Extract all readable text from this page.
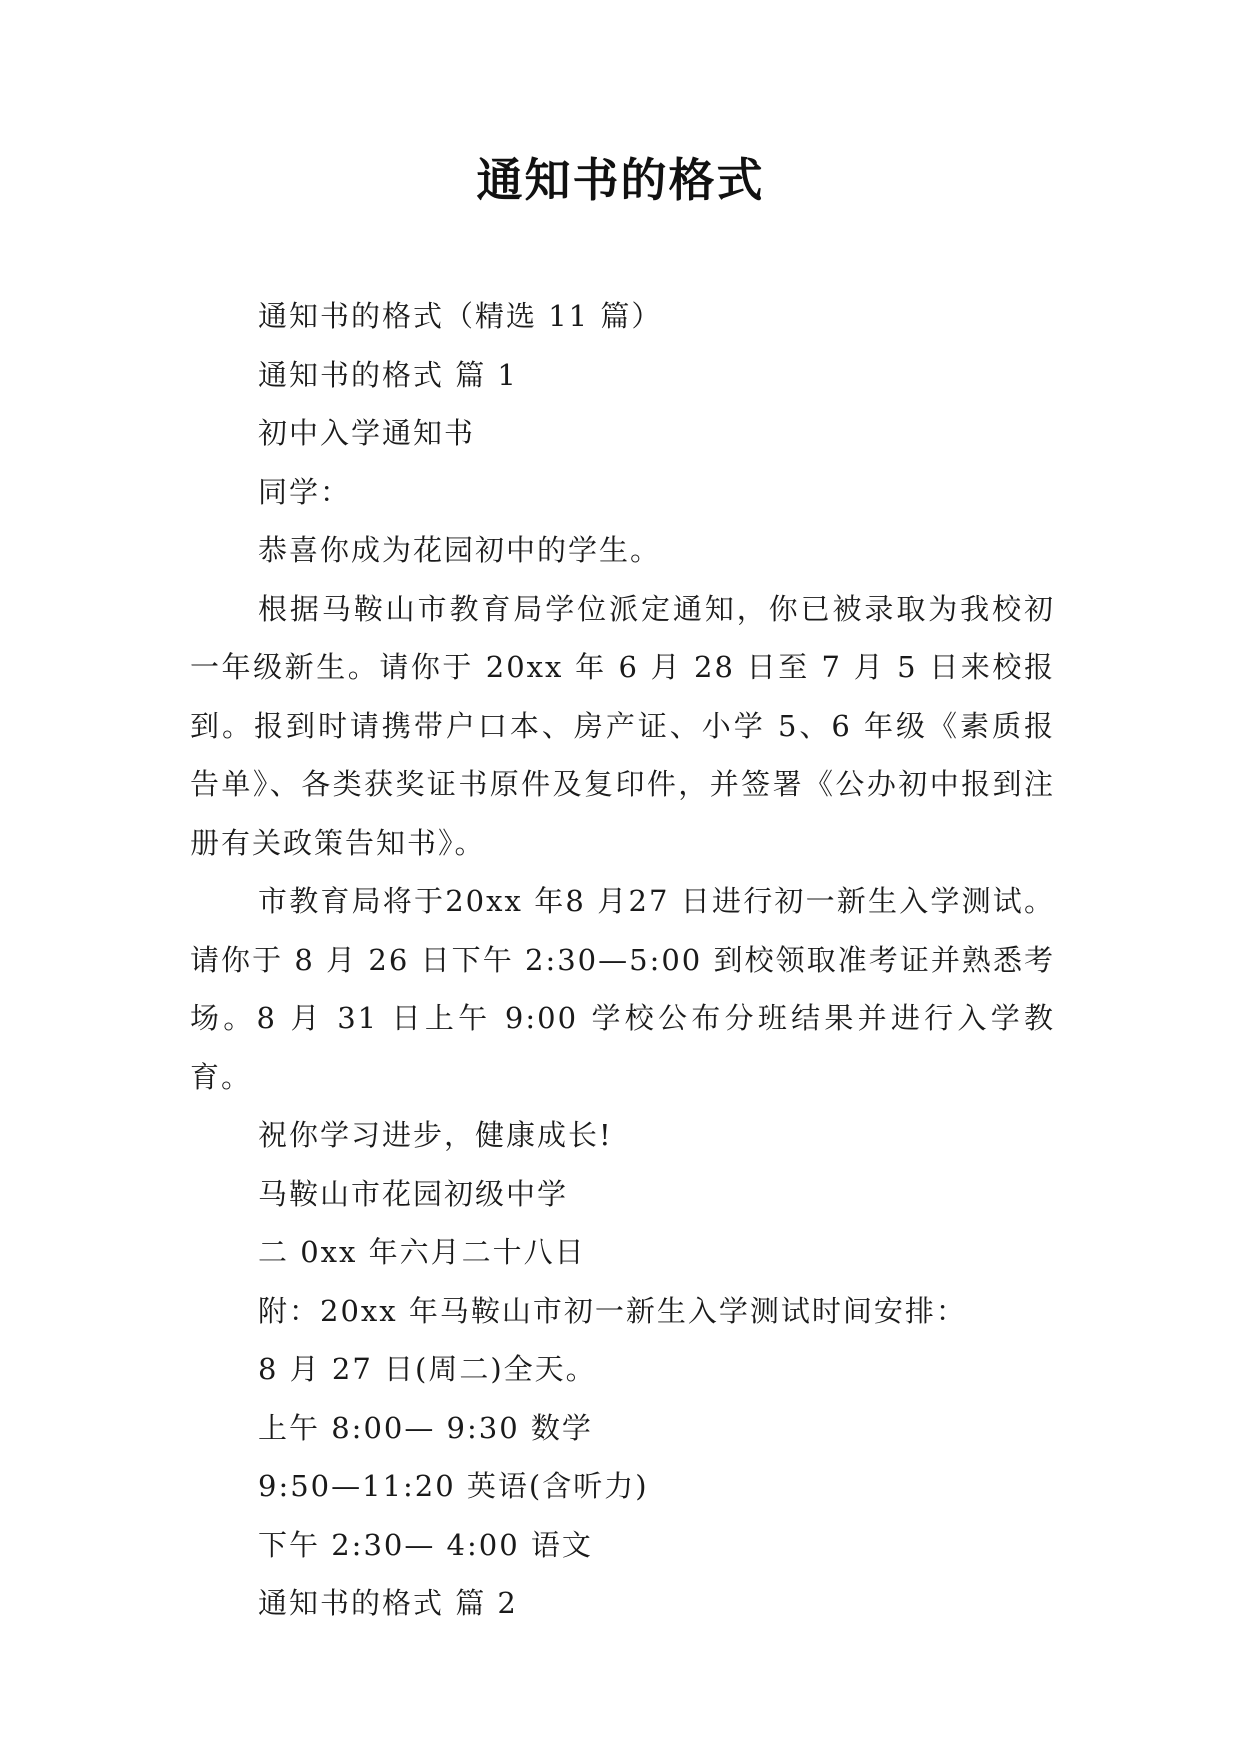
通知书的格式

通知书的格式（精选 11 篇）

通知书的格式 篇 1

初中入学通知书

同学：

恭喜你成为花园初中的学生。

根据马鞍山市教育局学位派定通知，你已被录取为我校初一年级新生。请你于 20xx 年 6 月 28 日至 7 月 5 日来校报到。报到时请携带户口本、房产证、小学 5、6 年级《素质报告单》、各类获奖证书原件及复印件，并签署《公办初中报到注册有关政策告知书》。

市教育局将于20xx 年8 月27 日进行初一新生入学测试。请你于 8 月 26 日下午 2:30—5:00 到校领取准考证并熟悉考场。8 月 31 日上午 9:00 学校公布分班结果并进行入学教育。

祝你学习进步，健康成长!

马鞍山市花园初级中学

二 0xx 年六月二十八日

附：20xx 年马鞍山市初一新生入学测试时间安排：

8 月 27 日(周二)全天。

上午 8:00— 9:30 数学

9:50—11:20 英语(含听力)

下午 2:30— 4:00 语文

通知书的格式 篇 2
